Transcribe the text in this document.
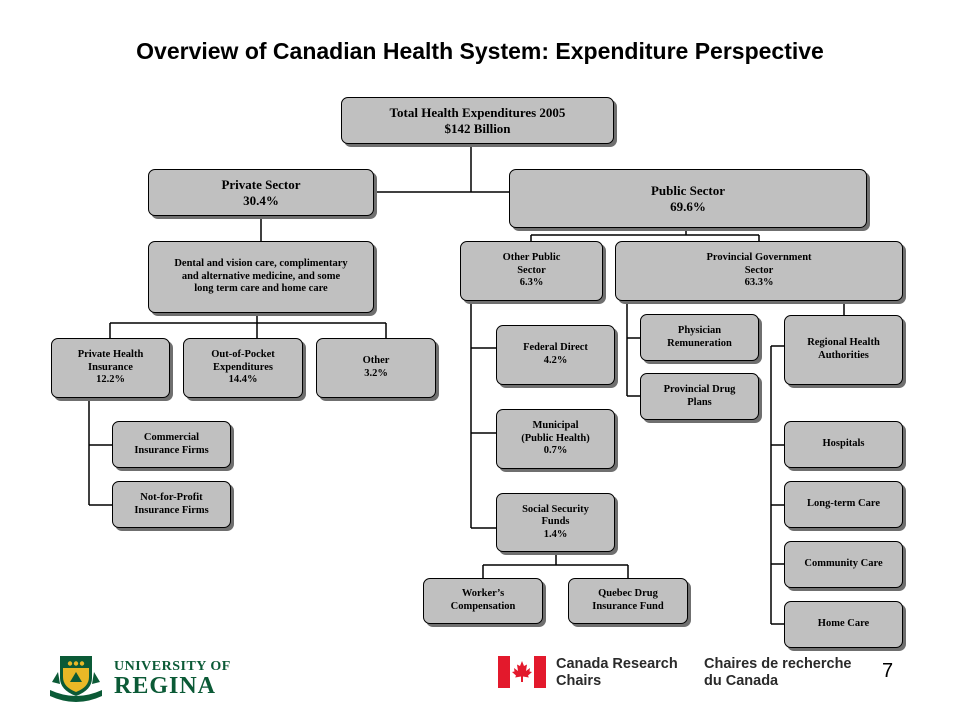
Overview of Canadian Health System: Expenditure Perspective
Total Health Expenditures 2005
$142 Billion
Private Sector
30.4%
Public Sector
69.6%
Dental and vision care, complimentary
and alternative medicine, and some
long term care and home care
Other Public
Sector
6.3%
Provincial Government
Sector
63.3%
Private Health
Insurance
12.2%
Out-of-Pocket
Expenditures
14.4%
Other
3.2%
Commercial
Insurance Firms
Not-for-Profit
Insurance Firms
Federal Direct
4.2%
Municipal
(Public Health)
0.7%
Social Security
Funds
1.4%
Worker’s
Compensation
Quebec Drug
Insurance Fund
Physician
Remuneration
Provincial Drug
Plans
Regional Health
Authorities
Hospitals
Long-term Care
Community Care
Home Care
UNIVERSITY OF
REGINA
Canada Research
Chairs
Chaires de recherche
du Canada	7
